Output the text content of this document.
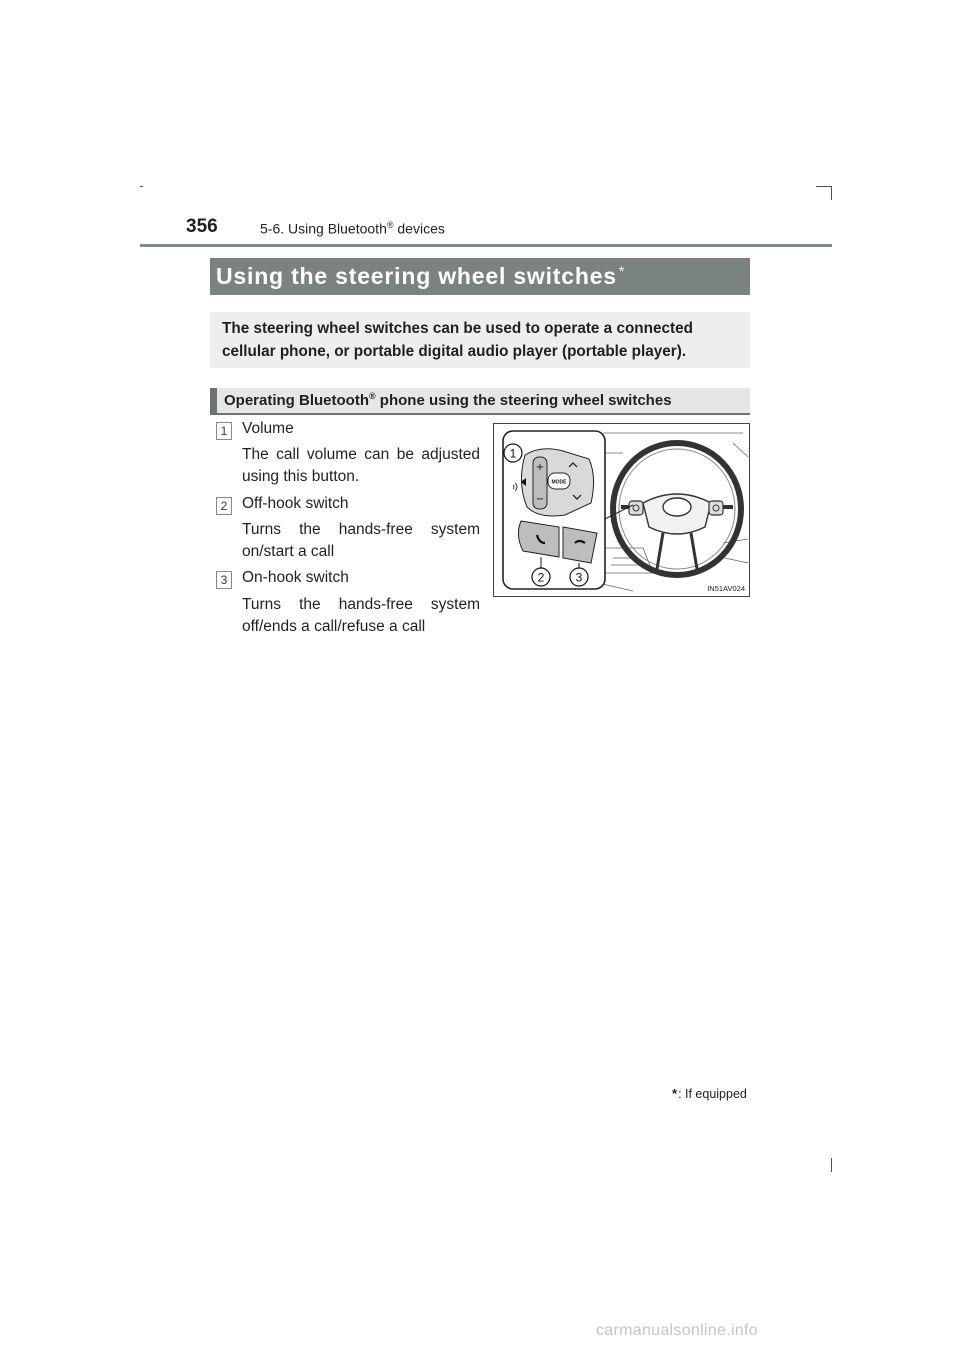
356	5-6. Using Bluetooth® devices
Using the steering wheel switches *
The steering wheel switches can be used to operate a connected cellular phone, or portable digital audio player (portable player).
Operating Bluetooth® phone using the steering wheel switches
1 Volume
The call volume can be adjusted using this button.
2 Off-hook switch
Turns the hands-free system on/start a call
3 On-hook switch
Turns the hands-free system off/ends a call/refuse a call
+
−
MODE
1
2	3
IN51AV024
*: If equipped
carmanualsonline.info
